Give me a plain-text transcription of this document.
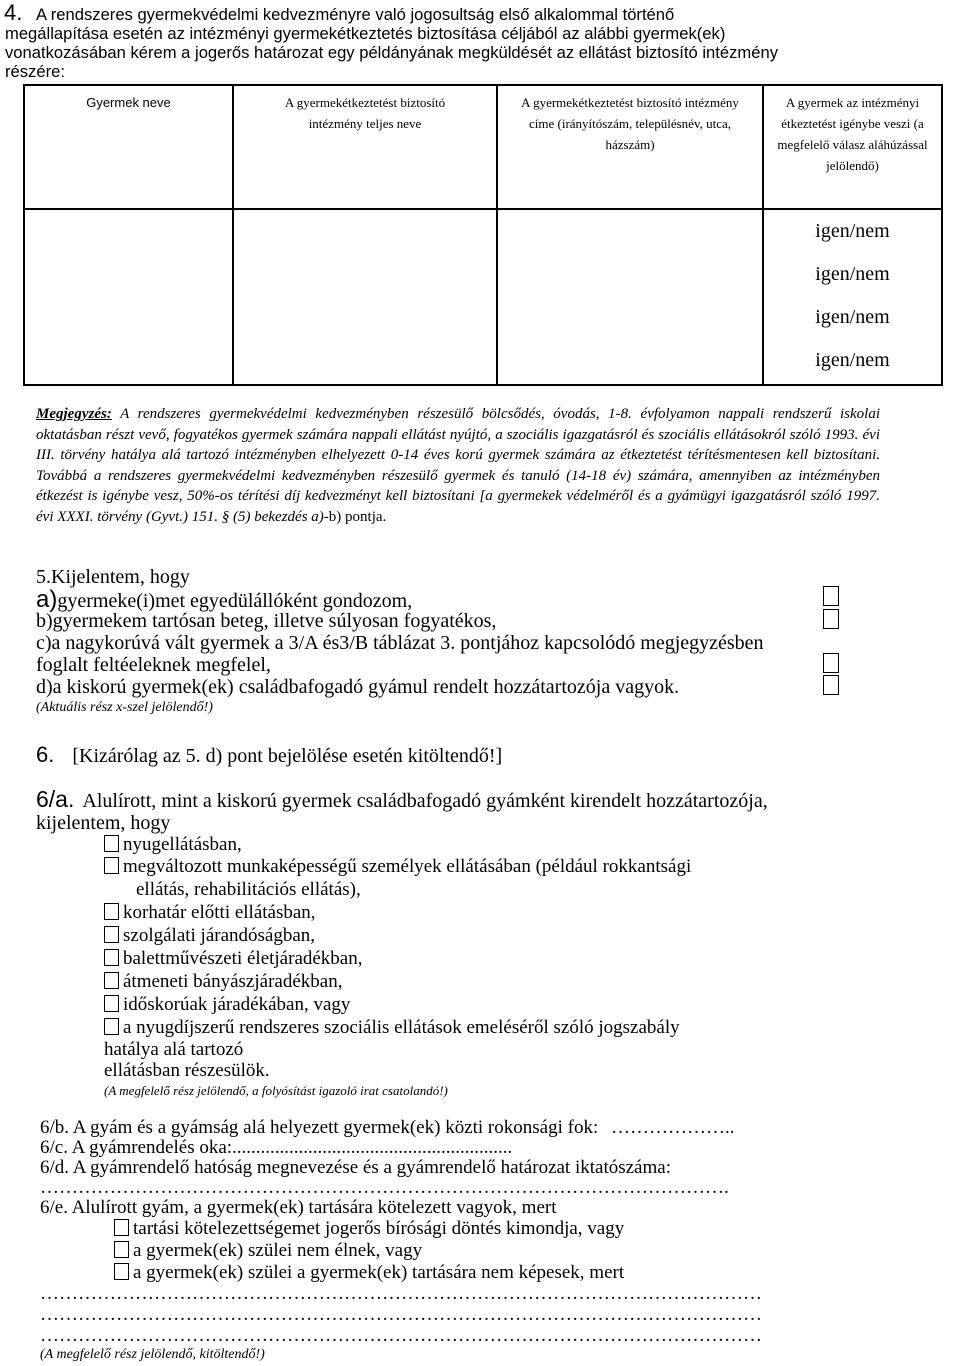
4. A rendszeres gyermekvédelmi kedvezményre való jogosultság első alkalommal történő
megállapítása esetén az intézményi gyermekétkeztetés biztosítása céljából az alábbi gyermek(ek)
vonatkozásában kérem a jogerős határozat egy példányának megküldését az ellátást biztosító intézmény
részére:
Gyermek neve	A gyermekétkeztetést biztosító intézmény teljes neve	A gyermekétkeztetést biztosító intézmény címe (irányítószám, településnév, utca, házszám)	A gyermek az intézményi étkeztetést igénybe veszi (a megfelelő válasz aláhúzással jelölendő)

			igen/nem
igen/nem
igen/nem
igen/nem
Megjegyzés: A rendszeres gyermekvédelmi kedvezményben részesülő bölcsődés, óvodás, 1-8. évfolyamon nappali rendszerű iskolai oktatásban részt vevő, fogyatékos gyermek számára nappali ellátást nyújtó, a szociális igazgatásról és szociális ellátásokról szóló 1993. évi III. törvény hatálya alá tartozó intézményben elhelyezett 0-14 éves korú gyermek számára az étkeztetést térítésmentesen kell biztosítani. Továbbá a rendszeres gyermekvédelmi kedvezményben részesülő gyermek és tanuló (14-18 év) számára, amennyiben az intézményben étkezést is igénybe vesz, 50%-os térítési díj kedvezményt kell biztosítani [a gyermekek védelméről és a gyámügyi igazgatásról szóló 1997. évi XXXI. törvény (Gyvt.) 151. § (5) bekezdés a)-b) pontja.
5.Kijelentem, hogy
a)gyermeke(i)met egyedülállóként gondozom,
b)gyermekem tartósan beteg, illetve súlyosan fogyatékos,
c)a nagykorúvá vált gyermek a 3/A és3/B táblázat 3. pontjához kapcsolódó megjegyzésben
foglalt feltéeleknek megfelel,
d)a kiskorú gyermek(ek) családbafogadó gyámul rendelt hozzátartozója vagyok.
(Aktuális rész x-szel jelölendő!)
6. [Kizárólag az 5. d) pont bejelölése esetén kitöltendő!]
6/a. Alulírott, mint a kiskorú gyermek családbafogadó gyámként kirendelt hozzátartozója,
kijelentem, hogy
nyugellátásban,
megváltozott munkaképességű személyek ellátásában (például rokkantsági
ellátás, rehabilitációs ellátás),
korhatár előtti ellátásban,
szolgálati járandóságban,
balettművészeti életjáradékban,
átmeneti bányászjáradékban,
időskorúak járadékában, vagy
a nyugdíjszerű rendszeres szociális ellátások emeléséről szóló jogszabály
hatálya alá tartozó
ellátásban részesülök.
(A megfelelő rész jelölendő, a folyósítást igazoló irat csatolandó!)
6/b. A gyám és a gyámság alá helyezett gyermek(ek) közti rokonsági fok: ………………..
6/c. A gyámrendelés oka:...........................................................
6/d. A gyámrendelő hatóság megnevezése és a gyámrendelő határozat iktatószáma:
……………………………………………………………………………………………….
6/e. Alulírott gyám, a gyermek(ek) tartására kötelezett vagyok, mert
tartási kötelezettségemet jogerős bírósági döntés kimondja, vagy
a gyermek(ek) szülei nem élnek, vagy
a gyermek(ek) szülei a gyermek(ek) tartására nem képesek, mert
……………………………………………………………………………………………………
……………………………………………………………………………………………………
……………………………………………………………………………………………………
(A megfelelő rész jelölendő, kitöltendő!)
